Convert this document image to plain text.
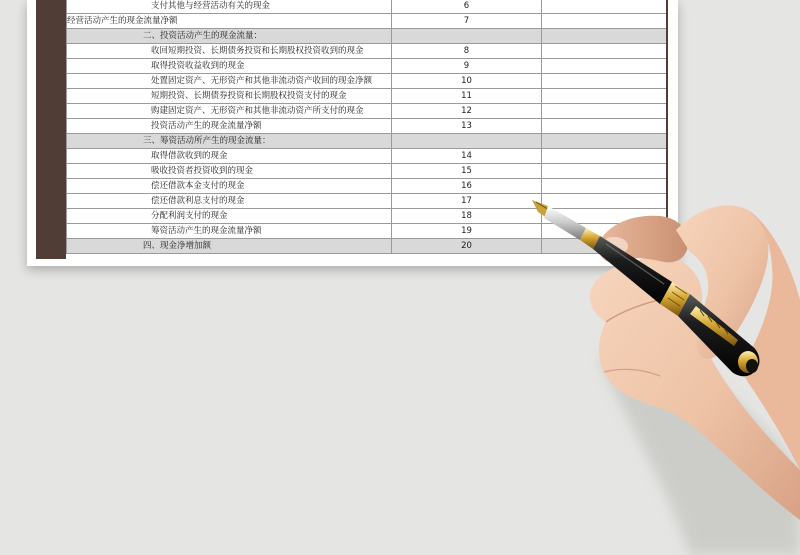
支付其他与经营活动有关的现金	6	
经营活动产生的现金流量净额	7	
二、投资活动产生的现金流量：		
收回短期投资、长期债务投资和长期股权投资收到的现金	8	
取得投资收益收到的现金	9	
处置固定资产、无形资产和其他非流动资产收回的现金净额	10	
短期投资、长期债券投资和长期股权投资支付的现金	11	
购建固定资产、无形资产和其他非流动资产所支付的现金	12	
投资活动产生的现金流量净额	13	
三、筹资活动所产生的现金流量：		
取得借款收到的现金	14	
吸收投资者投资收到的现金	15	
偿还借款本金支付的现金	16	
偿还借款利息支付的现金	17	
分配利润支付的现金	18	
筹资活动产生的现金流量净额	19	
四、现金净增加额	20	
